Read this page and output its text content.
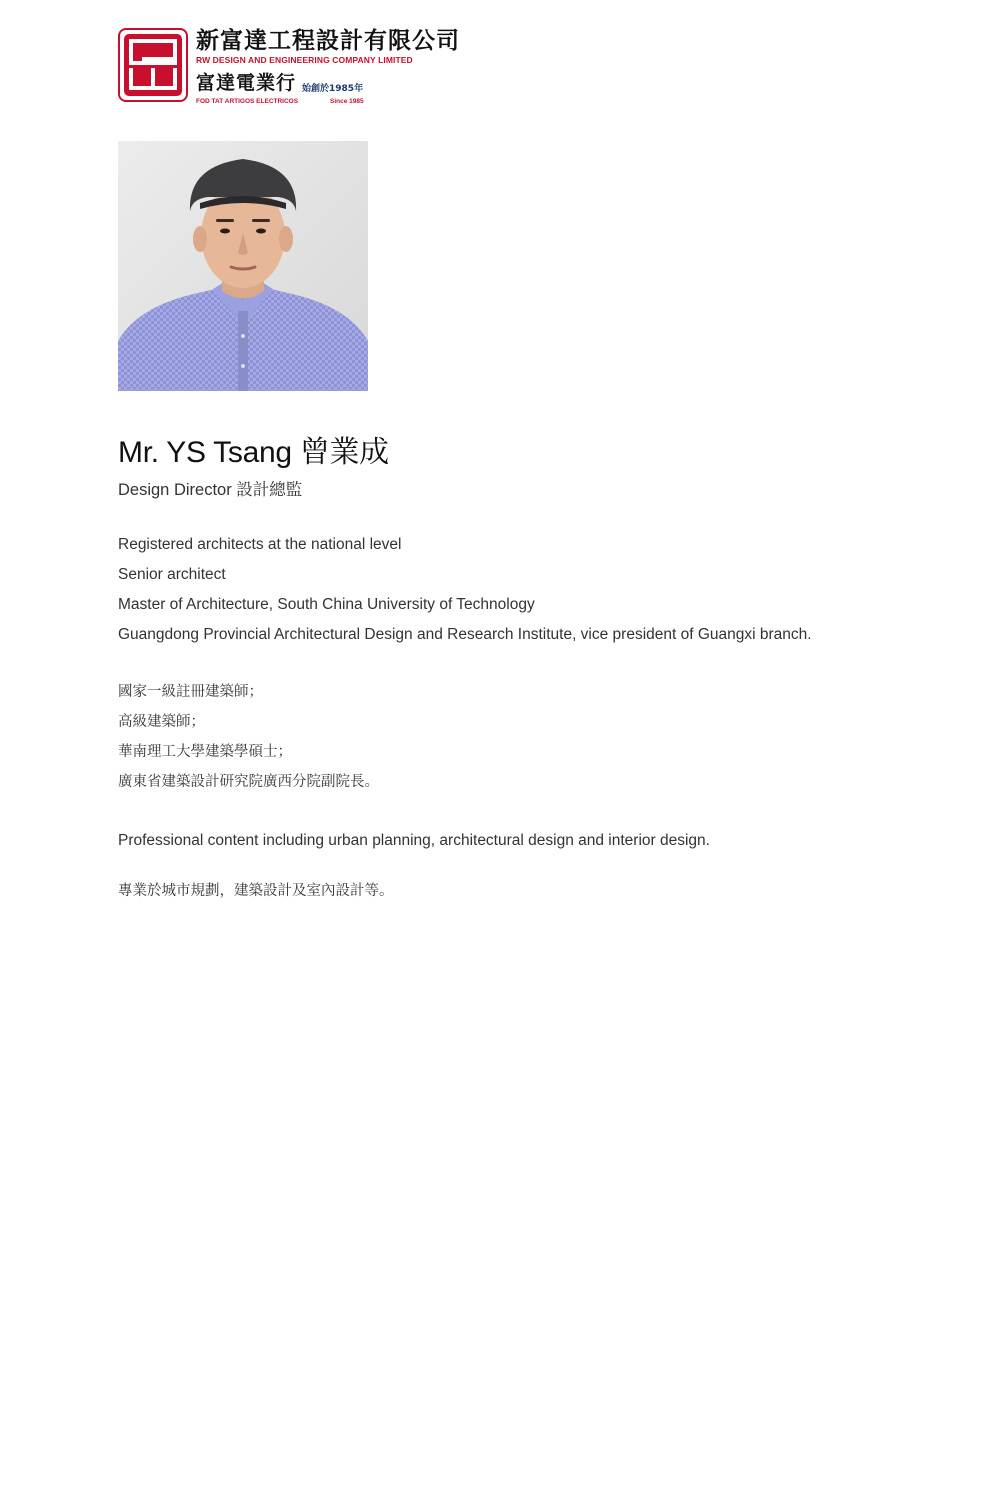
新富達工程設計有限公司
RW DESIGN AND ENGINEERING COMPANY LIMITED
富達電業行 始創於1985年
FOD TAT ARTIGOS ELECTRICOS	Since 1985
Mr. YS Tsang 曾業成
Design Director 設計總監
Registered architects at the national level
Senior architect
Master of Architecture, South China University of Technology
Guangdong Provincial Architectural Design and Research Institute, vice president of Guangxi branch.
國家一級註冊建築師；
高級建築師；
華南理工大學建築學碩士；
廣東省建築設計研究院廣西分院副院長。
Professional content including urban planning, architectural design and interior design.
專業於城市規劃，建築設計及室內設計等。
